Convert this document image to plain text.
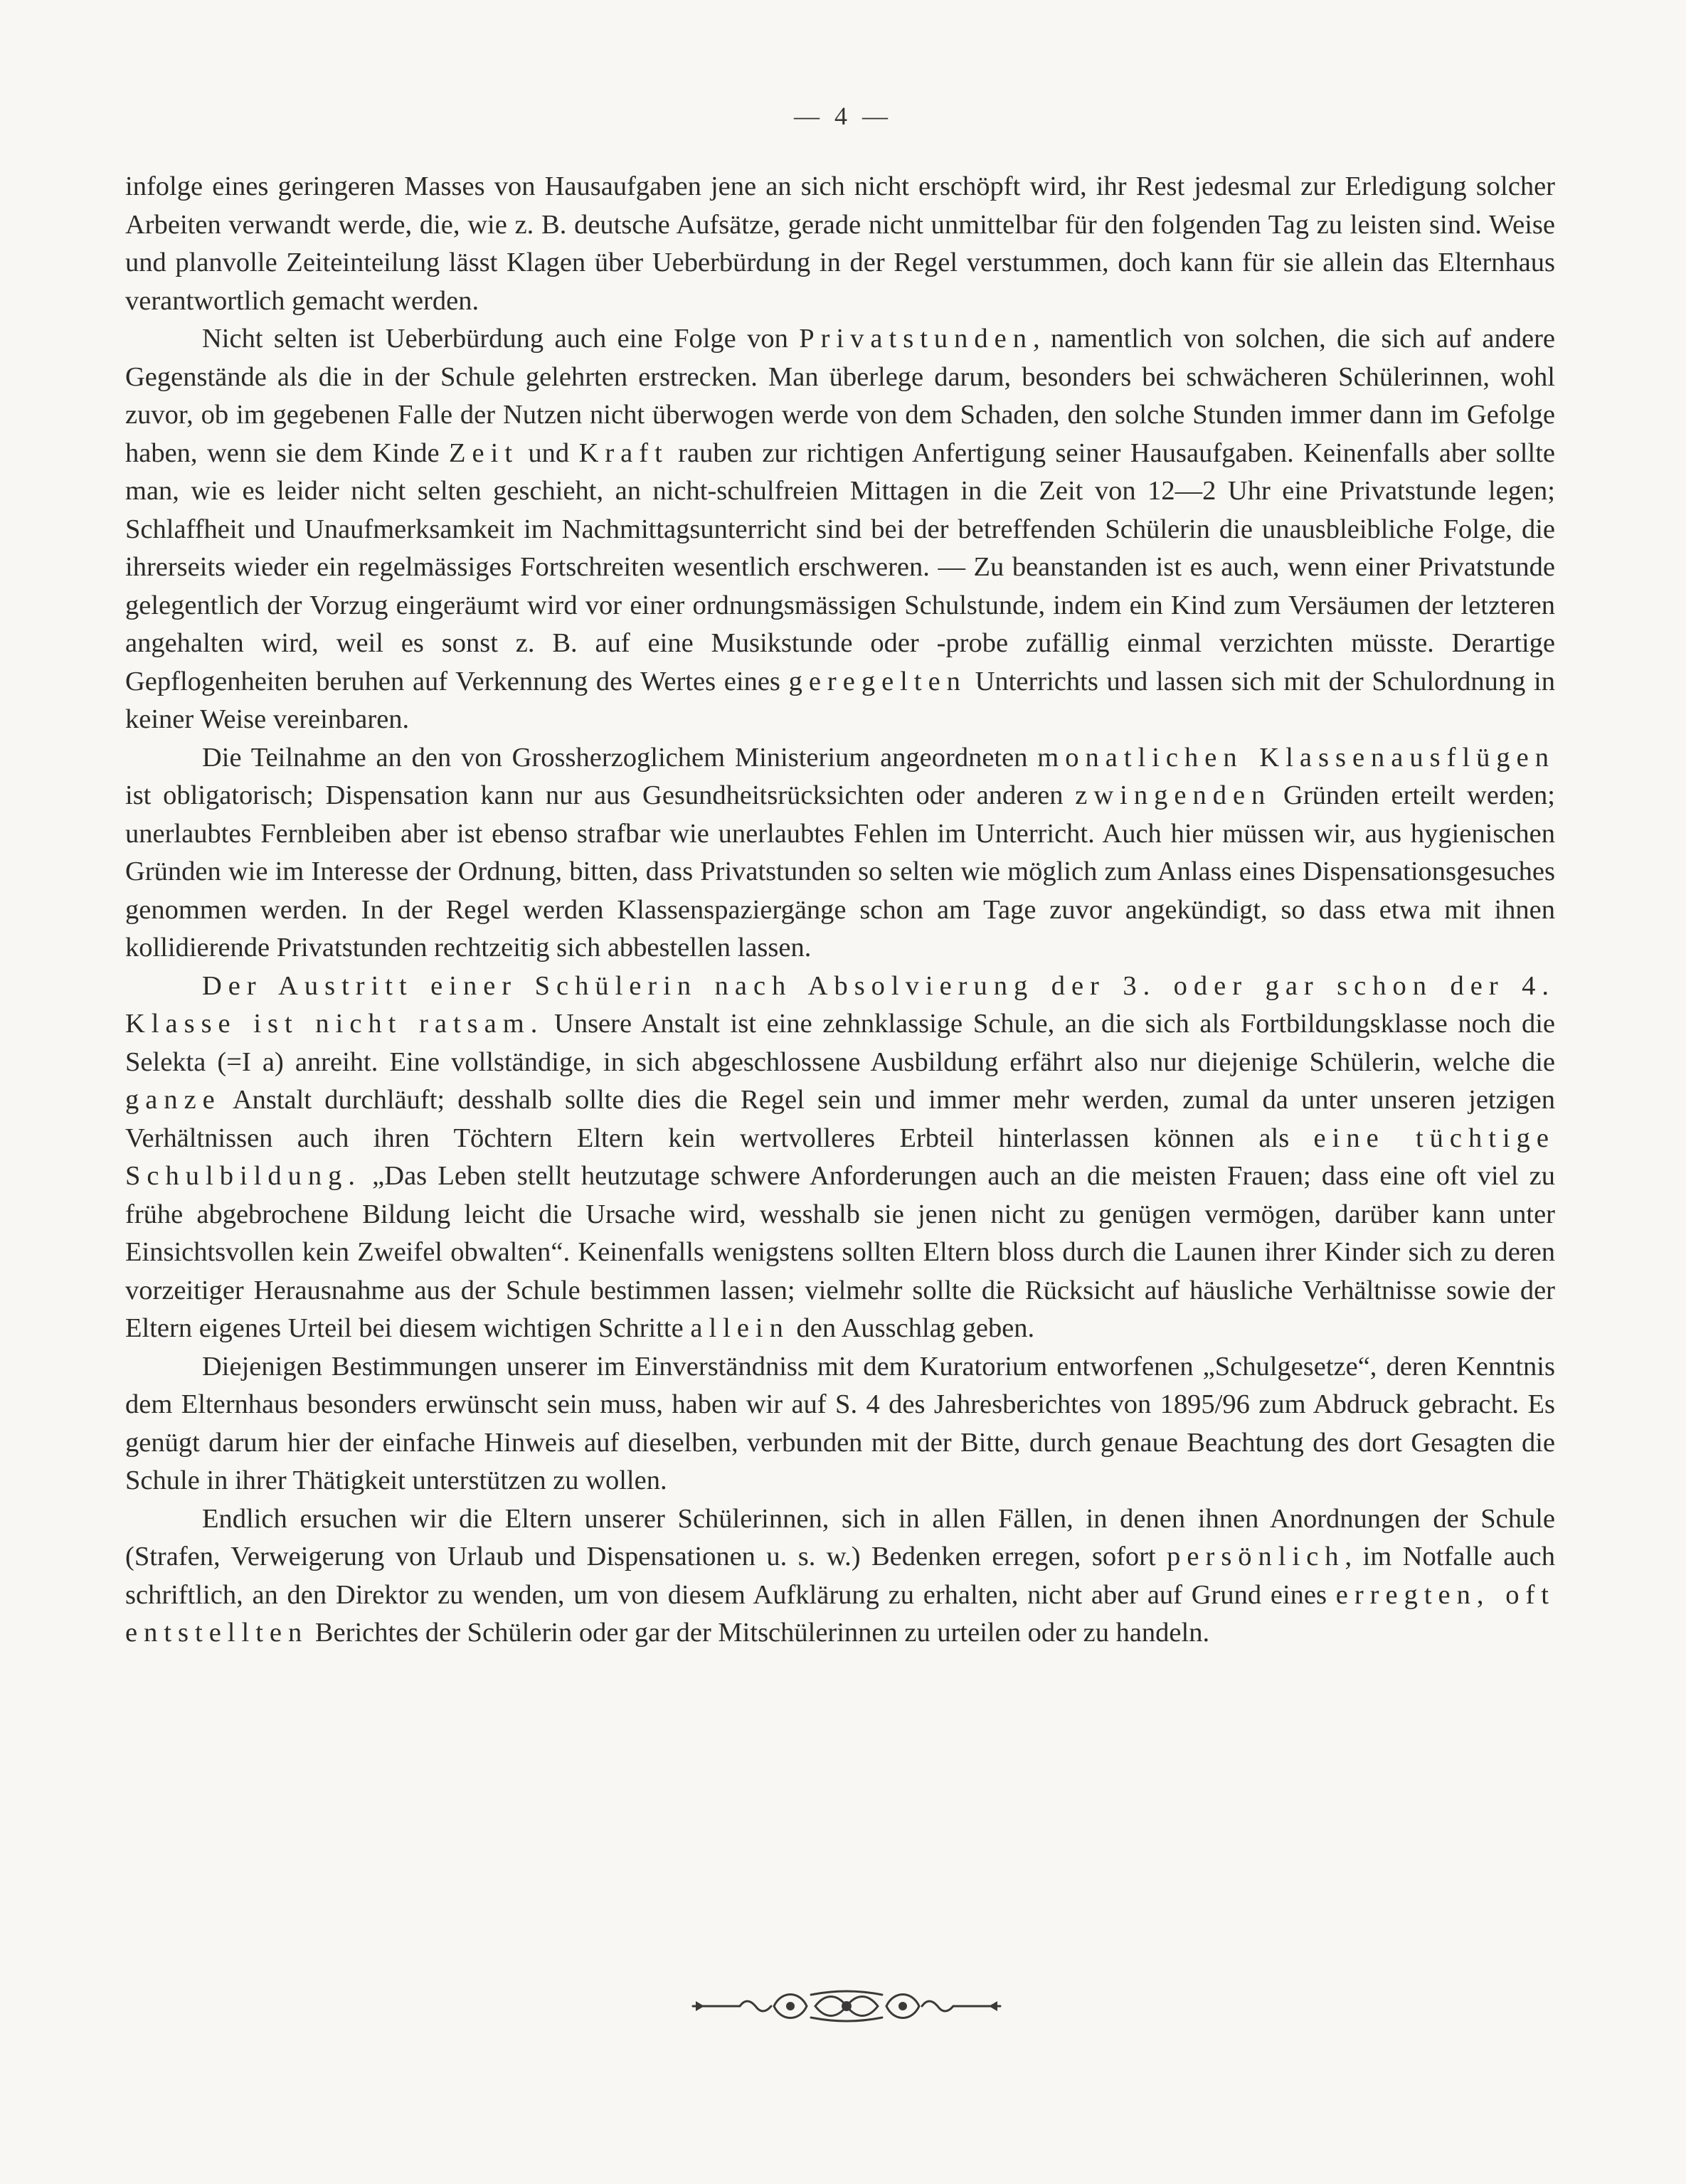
— 4 —

infolge eines geringeren Masses von Hausaufgaben jene an sich nicht erschöpft wird, ihr Rest jedesmal zur Erledigung solcher Arbeiten verwandt werde, die, wie z. B. deutsche Aufsätze, gerade nicht unmittelbar für den folgenden Tag zu leisten sind. Weise und planvolle Zeiteinteilung lässt Klagen über Ueberbürdung in der Regel verstummen, doch kann für sie allein das Elternhaus verantwortlich gemacht werden.

Nicht selten ist Ueberbürdung auch eine Folge von Privatstunden, namentlich von solchen, die sich auf andere Gegenstände als die in der Schule gelehrten erstrecken. Man überlege darum, besonders bei schwächeren Schülerinnen, wohl zuvor, ob im gegebenen Falle der Nutzen nicht überwogen werde von dem Schaden, den solche Stunden immer dann im Gefolge haben, wenn sie dem Kinde Zeit und Kraft rauben zur richtigen Anfertigung seiner Hausaufgaben. Keinenfalls aber sollte man, wie es leider nicht selten geschieht, an nicht-schulfreien Mittagen in die Zeit von 12—2 Uhr eine Privatstunde legen; Schlaffheit und Unaufmerksamkeit im Nachmittagsunterricht sind bei der betreffenden Schülerin die unausbleibliche Folge, die ihrerseits wieder ein regelmässiges Fortschreiten wesentlich erschweren. — Zu beanstanden ist es auch, wenn einer Privatstunde gelegentlich der Vorzug eingeräumt wird vor einer ordnungsmässigen Schulstunde, indem ein Kind zum Versäumen der letzteren angehalten wird, weil es sonst z. B. auf eine Musikstunde oder -probe zufällig einmal verzichten müsste. Derartige Gepflogenheiten beruhen auf Verkennung des Wertes eines geregelten Unterrichts und lassen sich mit der Schulordnung in keiner Weise vereinbaren.

Die Teilnahme an den von Grossherzoglichem Ministerium angeordneten monatlichen Klassenausflügen ist obligatorisch; Dispensation kann nur aus Gesundheitsrücksichten oder anderen zwingenden Gründen erteilt werden; unerlaubtes Fernbleiben aber ist ebenso strafbar wie unerlaubtes Fehlen im Unterricht. Auch hier müssen wir, aus hygienischen Gründen wie im Interesse der Ordnung, bitten, dass Privatstunden so selten wie möglich zum Anlass eines Dispensationsgesuches genommen werden. In der Regel werden Klassenspaziergänge schon am Tage zuvor angekündigt, so dass etwa mit ihnen kollidierende Privatstunden rechtzeitig sich abbestellen lassen.

Der Austritt einer Schülerin nach Absolvierung der 3. oder gar schon der 4. Klasse ist nicht ratsam. Unsere Anstalt ist eine zehnklassige Schule, an die sich als Fortbildungsklasse noch die Selekta (=I a) anreiht. Eine vollständige, in sich abgeschlossene Ausbildung erfährt also nur diejenige Schülerin, welche die ganze Anstalt durchläuft; desshalb sollte dies die Regel sein und immer mehr werden, zumal da unter unseren jetzigen Verhältnissen auch ihren Töchtern Eltern kein wertvolleres Erbteil hinterlassen können als eine tüchtige Schulbildung. „Das Leben stellt heutzutage schwere Anforderungen auch an die meisten Frauen; dass eine oft viel zu frühe abgebrochene Bildung leicht die Ursache wird, wesshalb sie jenen nicht zu genügen vermögen, darüber kann unter Einsichtsvollen kein Zweifel obwalten“. Keinenfalls wenigstens sollten Eltern bloss durch die Launen ihrer Kinder sich zu deren vorzeitiger Herausnahme aus der Schule bestimmen lassen; vielmehr sollte die Rücksicht auf häusliche Verhältnisse sowie der Eltern eigenes Urteil bei diesem wichtigen Schritte allein den Ausschlag geben.

Diejenigen Bestimmungen unserer im Einverständniss mit dem Kuratorium entworfenen „Schulgesetze“, deren Kenntnis dem Elternhaus besonders erwünscht sein muss, haben wir auf S. 4 des Jahresberichtes von 1895/96 zum Abdruck gebracht. Es genügt darum hier der einfache Hinweis auf dieselben, verbunden mit der Bitte, durch genaue Beachtung des dort Gesagten die Schule in ihrer Thätigkeit unterstützen zu wollen.

Endlich ersuchen wir die Eltern unserer Schülerinnen, sich in allen Fällen, in denen ihnen Anordnungen der Schule (Strafen, Verweigerung von Urlaub und Dispensationen u. s. w.) Bedenken erregen, sofort persönlich, im Notfalle auch schriftlich, an den Direktor zu wenden, um von diesem Aufklärung zu erhalten, nicht aber auf Grund eines erregten, oft entstellten Berichtes der Schülerin oder gar der Mitschülerinnen zu urteilen oder zu handeln.
